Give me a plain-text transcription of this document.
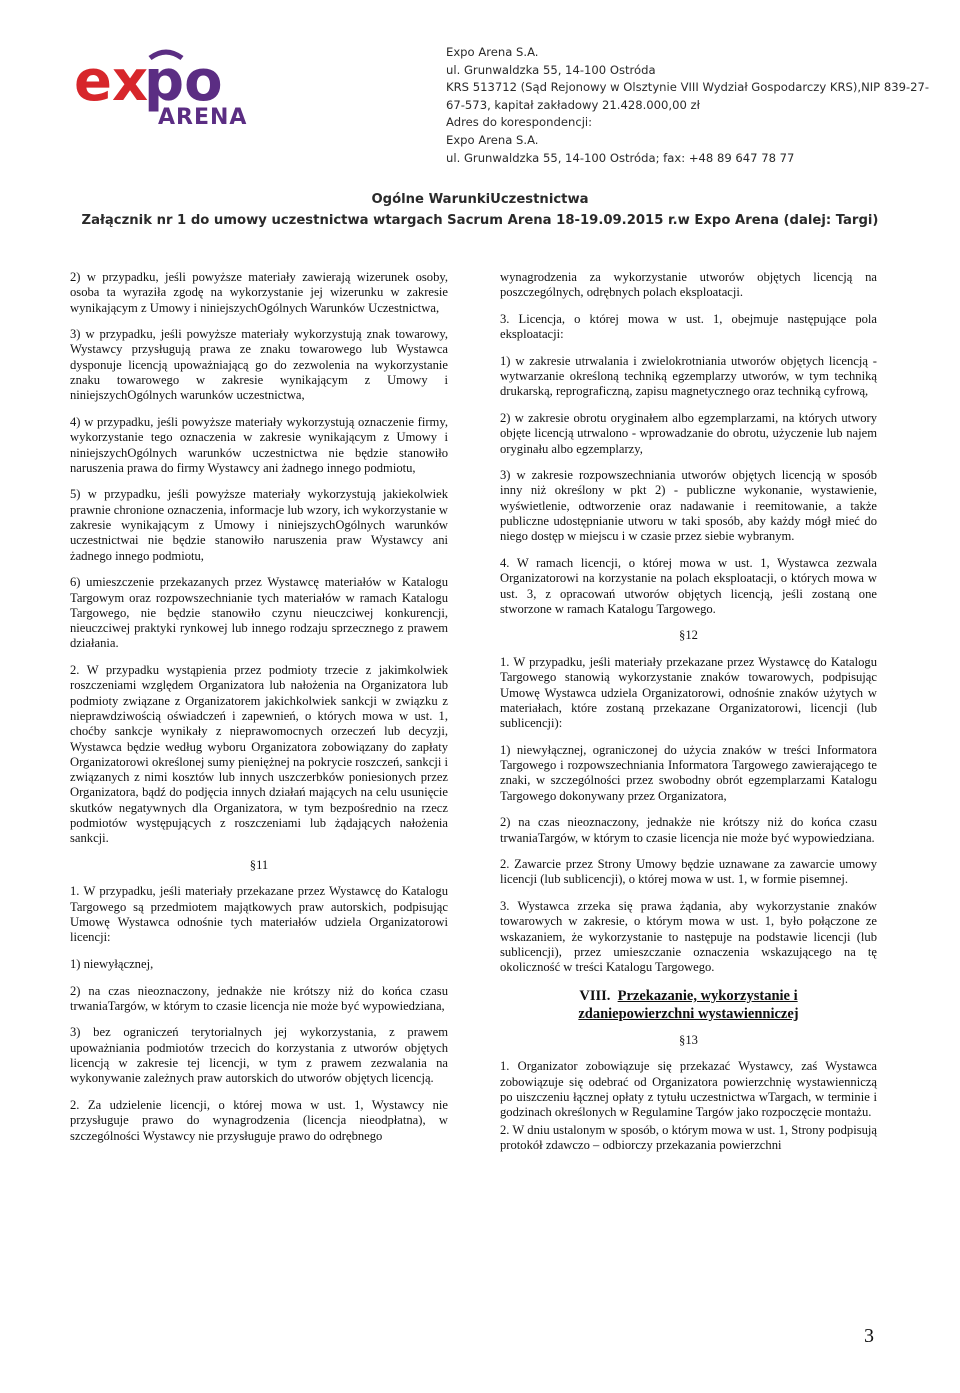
ex
po
ARENA
Expo Arena S.A.
ul. Grunwaldzka 55, 14-100 Ostróda
KRS 513712 (Sąd Rejonowy w Olsztynie VIII Wydział Gospodarczy KRS),NIP 839-27-
67-573, kapitał zakładowy 21.428.000,00 zł
Adres do korespondencji:
Expo Arena S.A.
ul. Grunwaldzka 55, 14-100 Ostróda; fax: +48 89 647 78 77
Ogólne WarunkiUczestnictwa
Załącznik nr 1 do umowy uczestnictwa wtargach Sacrum Arena 18-19.09.2015 r.w Expo Arena (dalej: Targi)

2) w przypadku, jeśli powyższe materiały zawierają wizerunek osoby, osoba ta wyraziła zgodę na wykorzystanie jej wizerunku w zakresie wynikającym z Umowy i niniejszychOgólnych Warunków Uczestnictwa,

3) w przypadku, jeśli powyższe materiały wykorzystują znak towarowy, Wystawcy przysługują prawa ze znaku towarowego lub Wystawca dysponuje licencją upoważniającą go do zezwolenia na wykorzystanie znaku towarowego w zakresie wynikającym z Umowy i niniejszychOgólnych warunków uczestnictwa,

4) w przypadku, jeśli powyższe materiały wykorzystują oznaczenie firmy, wykorzystanie tego oznaczenia w zakresie wynikającym z Umowy i niniejszychOgólnych warunków uczestnictwa nie będzie stanowiło naruszenia prawa do firmy Wystawcy ani żadnego innego podmiotu,

5) w przypadku, jeśli powyższe materiały wykorzystują jakiekolwiek prawnie chronione oznaczenia, informacje lub wzory, ich wykorzystanie w zakresie wynikającym z Umowy i niniejszychOgólnych warunków uczestnictwai nie będzie stanowiło naruszenia praw Wystawcy ani żadnego innego podmiotu,

6) umieszczenie przekazanych przez Wystawcę materiałów w Katalogu Targowym oraz rozpowszechnianie tych materiałów w ramach Katalogu Targowego, nie będzie stanowiło czynu nieuczciwej konkurencji, nieuczciwej praktyki rynkowej lub innego rodzaju sprzecznego z prawem działania.

2. W przypadku wystąpienia przez podmioty trzecie z jakimkolwiek roszczeniami względem Organizatora lub nałożenia na Organizatora lub podmioty związane z Organizatorem jakichkolwiek sankcji w związku z nieprawdziwością oświadczeń i zapewnień, o których mowa w ust. 1, choćby sankcje wynikały z nieprawomocnych orzeczeń lub decyzji, Wystawca będzie według wyboru Organizatora zobowiązany do zapłaty Organizatorowi określonej sumy pieniężnej na pokrycie roszczeń, sankcji i związanych z nimi kosztów lub innych uszczerbków poniesionych przez Organizatora, bądź do podjęcia innych działań mających na celu usunięcie skutków negatywnych dla Organizatora, w tym bezpośrednio na rzecz podmiotów występujących z roszczeniami lub żądających nałożenia sankcji.

§11

1. W przypadku, jeśli materiały przekazane przez Wystawcę do Katalogu Targowego są przedmiotem majątkowych praw autorskich, podpisując Umowę Wystawca odnośnie tych materiałów udziela Organizatorowi licencji:

1) niewyłącznej,

2) na czas nieoznaczony, jednakże nie krótszy niż do końca czasu trwaniaTargów, w którym to czasie licencja nie może być wypowiedziana,

3) bez ograniczeń terytorialnych jej wykorzystania, z prawem upoważniania podmiotów trzecich do korzystania z utworów objętych licencją w zakresie tej licencji, w tym z prawem zezwalania na wykonywanie zależnych praw autorskich do utworów objętych licencją.

2. Za udzielenie licencji, o której mowa w ust. 1, Wystawcy nie przysługuje prawo do wynagrodzenia (licencja nieodpłatna), w szczególności Wystawcy nie przysługuje prawo do odrębnego

wynagrodzenia za wykorzystanie utworów objętych licencją na poszczególnych, odrębnych polach eksploatacji.

3. Licencja, o której mowa w ust. 1, obejmuje następujące pola eksploatacji:

1) w zakresie utrwalania i zwielokrotniania utworów objętych licencją - wytwarzanie określoną techniką egzemplarzy utworów, w tym techniką drukarską, reprograficzną, zapisu magnetycznego oraz techniką cyfrową,

2) w zakresie obrotu oryginałem albo egzemplarzami, na których utwory objęte licencją utrwalono - wprowadzanie do obrotu, użyczenie lub najem oryginału albo egzemplarzy,

3) w zakresie rozpowszechniania utworów objętych licencją w sposób inny niż określony w pkt 2) - publiczne wykonanie, wystawienie, wyświetlenie, odtworzenie oraz nadawanie i reemitowanie, a także publiczne udostępnianie utworu w taki sposób, aby każdy mógł mieć do niego dostęp w miejscu i w czasie przez siebie wybranym.

4. W ramach licencji, o której mowa w ust. 1, Wystawca zezwala Organizatorowi na korzystanie na polach eksploatacji, o których mowa w ust. 3, z opracowań utworów objętych licencją, jeśli zostaną one stworzone w ramach Katalogu Targowego.

§12

1. W przypadku, jeśli materiały przekazane przez Wystawcę do Katalogu Targowego stanowią wykorzystanie znaków towarowych, podpisując Umowę Wystawca udziela Organizatorowi, odnośnie znaków użytych w materiałach, które zostaną przekazane Organizatorowi, licencji (lub sublicencji):

1) niewyłącznej, ograniczonej do użycia znaków w treści Informatora Targowego i rozpowszechniania Informatora Targowego zawierającego te znaki, w szczególności przez swobodny obrót egzemplarzami Katalogu Targowego dokonywany przez Organizatora,

2) na czas nieoznaczony, jednakże nie krótszy niż do końca czasu trwaniaTargów, w którym to czasie licencja nie może być wypowiedziana.

2. Zawarcie przez Strony Umowy będzie uznawane za zawarcie umowy licencji (lub sublicencji), o której mowa w ust. 1, w formie pisemnej.

3. Wystawca zrzeka się prawa żądania, aby wykorzystanie znaków towarowych w zakresie, o którym mowa w ust. 1, było połączone ze wskazaniem, że wykorzystanie to następuje na podstawie licencji (lub sublicencji), przez umieszczanie oznaczenia wskazującego na tę okoliczność w treści Katalogu Targowego.

VIII. Przekazanie, wykorzystanie i
zdaniepowierzchni wystawienniczej

§13

1. Organizator zobowiązuje się przekazać Wystawcy, zaś Wystawca zobowiązuje się odebrać od Organizatora powierzchnię wystawienniczą po uiszczeniu łącznej opłaty z tytułu uczestnictwa wTargach, w terminie i godzinach określonych w Regulamine Targów jako rozpoczęcie montażu.

2. W dniu ustalonym w sposób, o którym mowa w ust. 1, Strony podpisują protokół zdawczo – odbiorczy przekazania powierzchni

3
